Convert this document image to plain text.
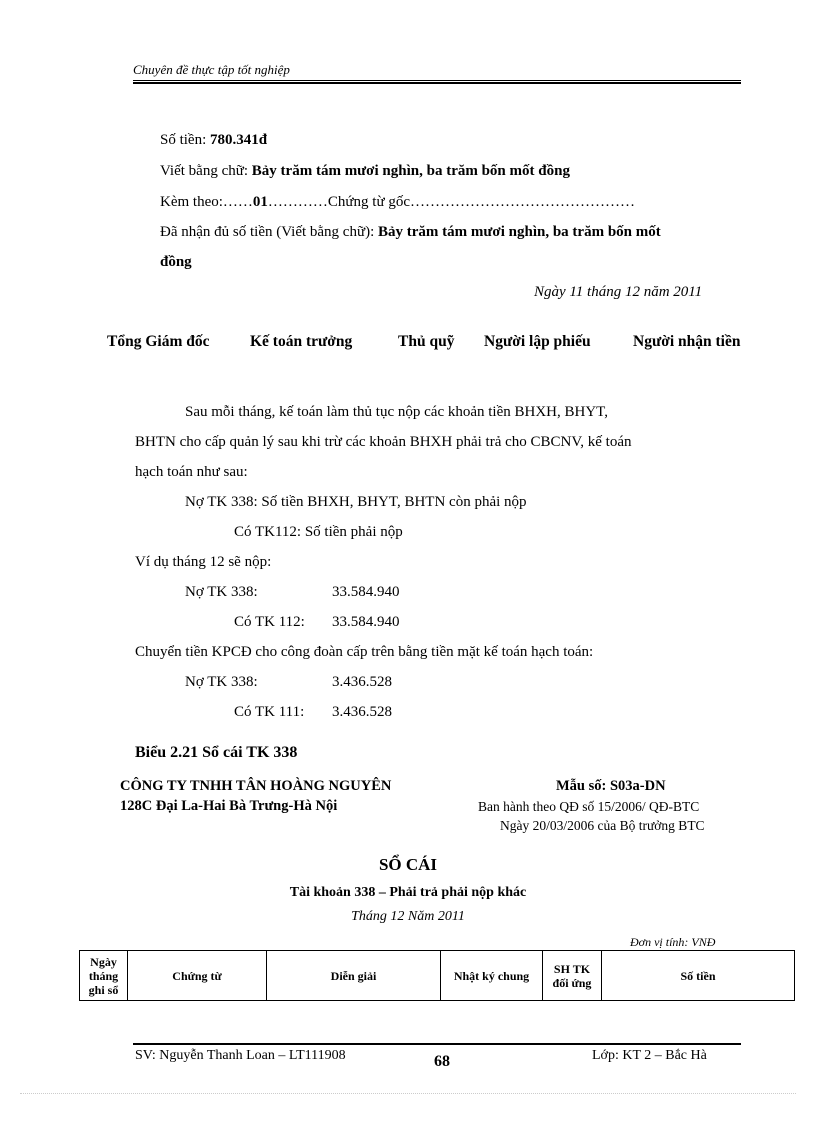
Chuyên đề thực tập tốt nghiệp
Số tiền: 780.341đ
Viết bằng chữ: Bảy trăm tám mươi nghìn, ba trăm bốn mốt đồng
Kèm theo:……01…………Chứng từ gốc………………………………………
Đã nhận đủ số tiền (Viết bằng chữ): Bảy trăm tám mươi nghìn, ba trăm bốn mốt
đồng
Ngày 11 tháng 12 năm 2011
Tổng Giám đốc	Kế toán trưởng	Thủ quỹ Người lập phiếu	Người nhận tiền
Sau mỗi tháng, kế toán làm thủ tục nộp các khoản tiền BHXH, BHYT,
BHTN cho cấp quản lý sau khi trừ các khoản BHXH phải trả cho CBCNV, kế toán
hạch toán như sau:
Nợ TK 338: Số tiền BHXH, BHYT, BHTN còn phải nộp
Có TK112: Số tiền phải nộp
Ví dụ tháng 12 sẽ nộp:
Nợ TK 338:	33.584.940
Có TK 112: 33.584.940
Chuyển tiền KPCĐ cho công đoàn cấp trên bằng tiền mặt kế toán hạch toán:
Nợ TK 338:	3.436.528
Có TK 111: 3.436.528
Biểu 2.21 Sổ cái TK 338
CÔNG TY TNHH TÂN HOÀNG NGUYÊN
128C Đại La-Hai Bà Trưng-Hà Nội
Mẫu số: S03a-DN
Ban hành theo QĐ số 15/2006/ QĐ-BTC
Ngày 20/03/2006 của Bộ trưởng BTC
SỔ CÁI
Tài khoản 338 – Phải trả phải nộp khác
Tháng 12 Năm 2011
Đơn vị tính: VNĐ
Ngày tháng ghi sổ	Chứng từ	Diễn giải	Nhật ký chung	SH TK đối ứng	Số tiền
SV: Nguyễn Thanh Loan – LT111908	68	Lớp: KT 2 – Bắc Hà
